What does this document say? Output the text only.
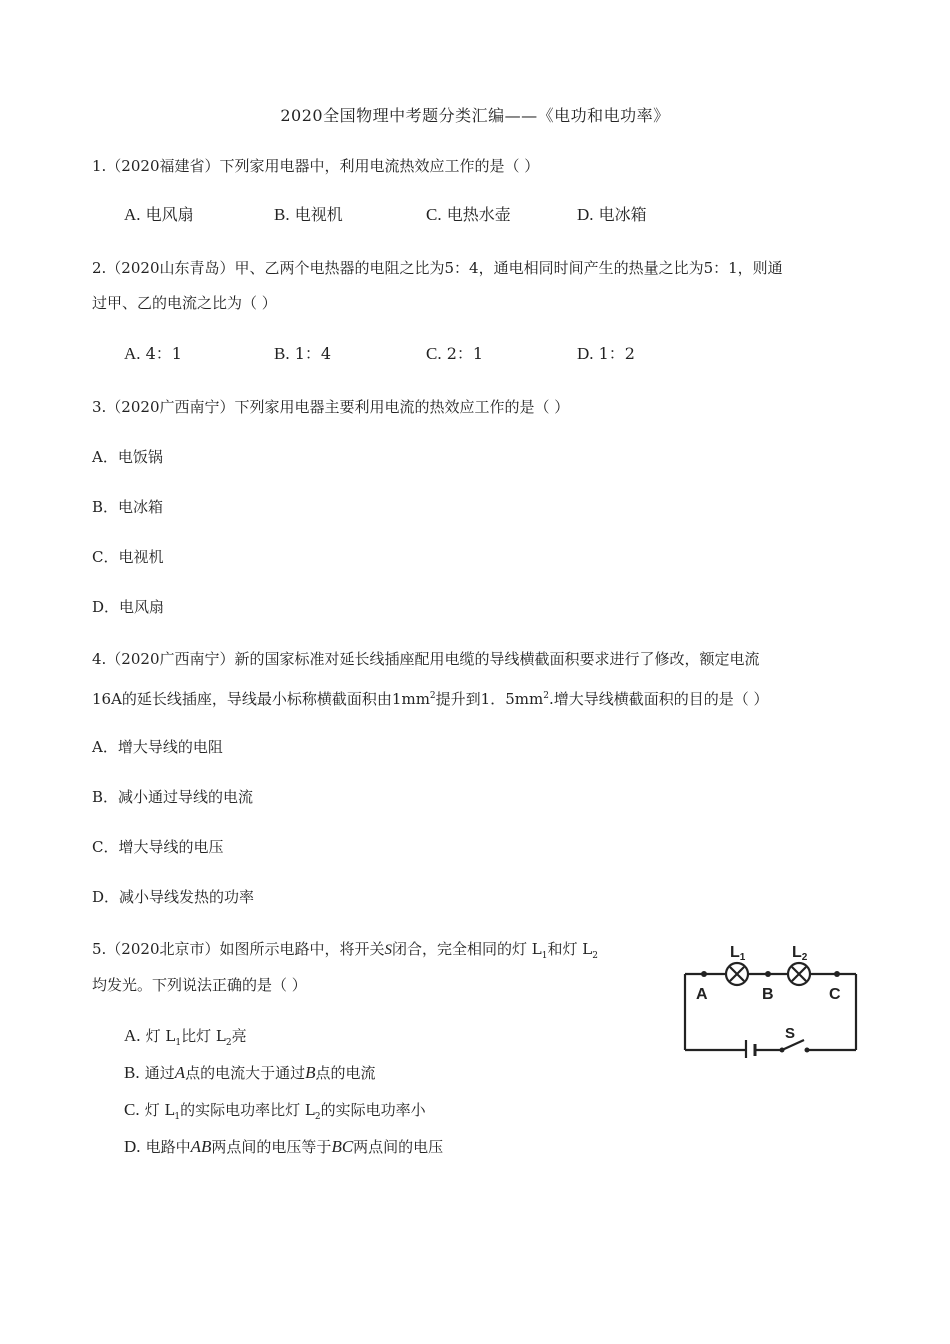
2020全国物理中考题分类汇编——《电功和电功率》
1.（2020福建省）下列家用电器中，利用电流热效应工作的是（ ）
A. 电风扇	B. 电视机	C. 电热水壶	D. 电冰箱
2.（2020山东青岛）甲、乙两个电热器的电阻之比为5：4，通电相同时间产生的热量之比为5：1，则通
过甲、乙的电流之比为（ ）
A. 4：1	B. 1：4	C. 2：1	D. 1：2
3.（2020广西南宁）下列家用电器主要利用电流的热效应工作的是（ ）
A．电饭锅
B．电冰箱
C．电视机
D．电风扇
4.（2020广西南宁）新的国家标准对延长线插座配用电缆的导线横截面积要求进行了修改，额定电流
16A的延长线插座，导线最小标称横截面积由$1mm^2$提升到1．$5mm^2$.增大导线横截面积的目的是（ ）
A．增大导线的电阻
B．减小通过导线的电流
C．增大导线的电压
D．减小导线发热的功率
5.（2020北京市）如图所示电路中，将开关S闭合，完全相同的灯 $L_1$和灯 $L_2$
均发光。下列说法正确的是（ ）
A. 灯 $L_1$比灯 $L_2$亮
B. 通过A点的电流大于通过B点的电流
C. 灯 $L_1$的实际电功率比灯 $L_2$的实际电功率小
D. 电路中AB两点间的电压等于BC两点间的电压
L1	L2
A	B	C
S
